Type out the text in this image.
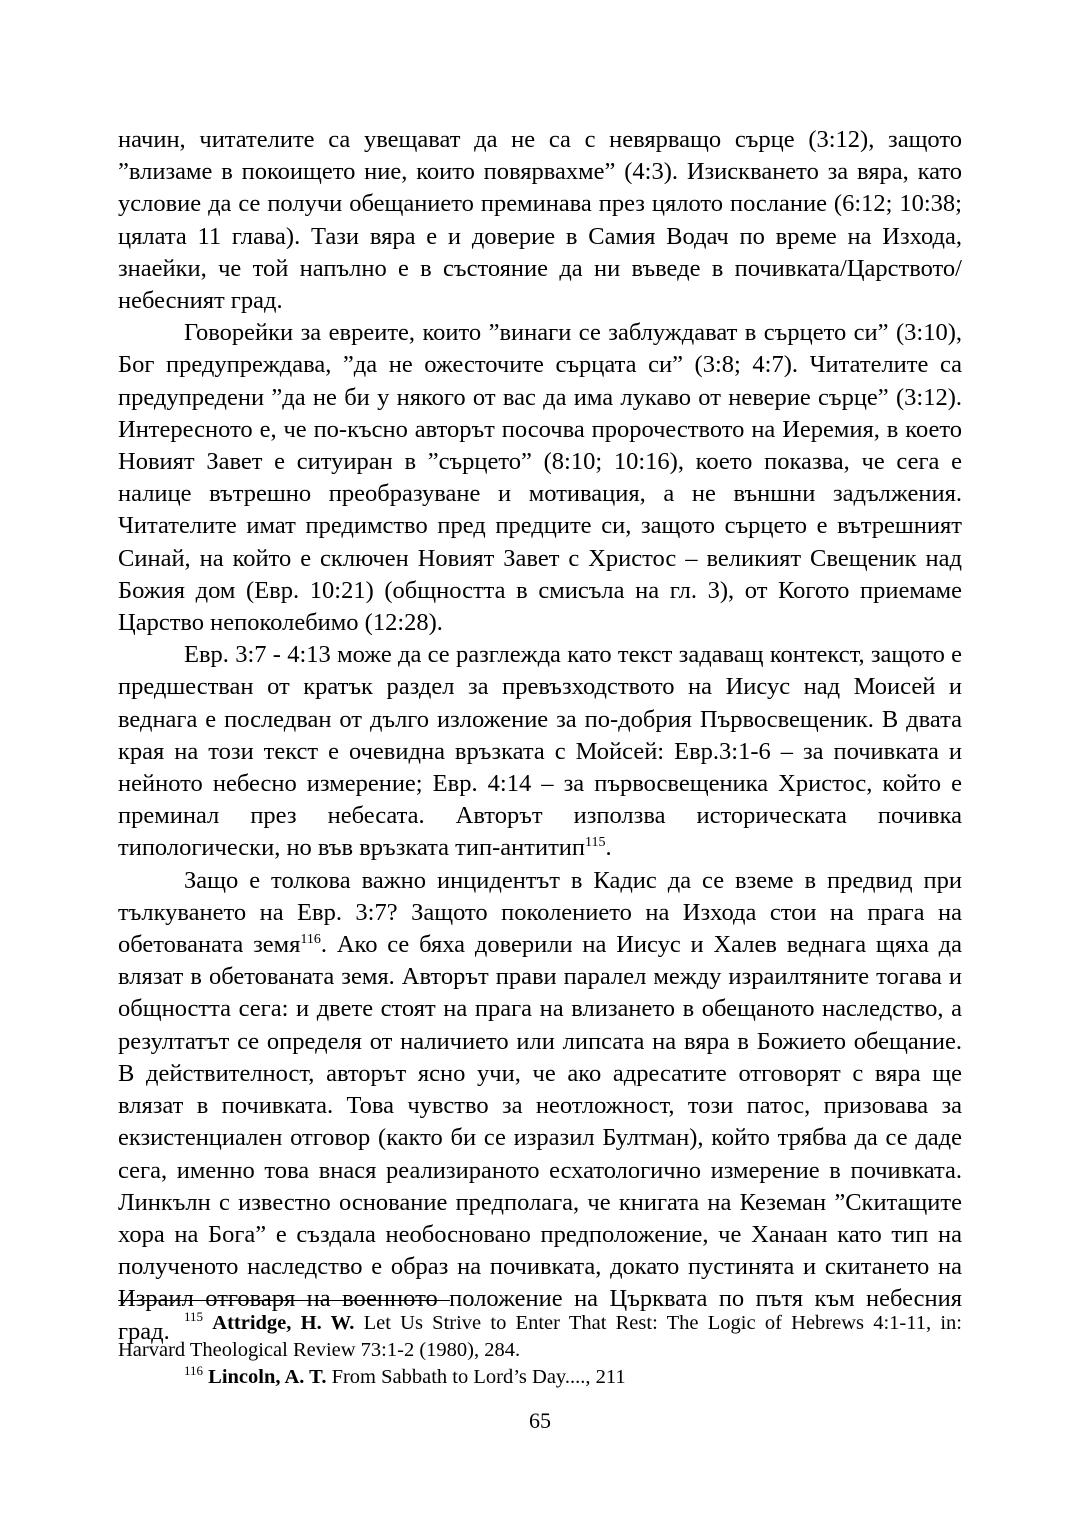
начин, читателите са увещават да не са с невярващо сърце (3:12), защото ”влизаме в покоището ние, които повярвахме” (4:3). Изискването за вяра, като условие да се получи обещанието преминава през цялото послание (6:12; 10:38; цялата 11 глава). Тази вяра е и доверие в Самия Водач по време на Изхода, знаейки, че той напълно е в състояние да ни въведе в почивката/Царството/небесният град.

Говорейки за евреите, които ”винаги се заблуждават в сърцето си” (3:10), Бог предупреждава, ”да не ожесточите сърцата си” (3:8; 4:7). Читателите са предупредени ”да не би у някого от вас да има лукаво от неверие сърце” (3:12). Интересното е, че по-късно авторът посочва пророчеството на Иеремия, в което Новият Завет е ситуиран в ”сърцето” (8:10; 10:16), което показва, че сега е налице вътрешно преобразуване и мотивация, а не външни задължения. Читателите имат предимство пред предците си, защото сърцето е вътрешният Синай, на който е сключен Новият Завет с Христос – великият Свещеник над Божия дом (Евр. 10:21) (общността в смисъла на гл. 3), от Когото приемаме Царство непоколебимо (12:28).

Евр. 3:7 - 4:13 може да се разглежда като текст задаващ контекст, защото е предшестван от кратък раздел за превъзходството на Иисус над Моисей и веднага е последван от дълго изложение за по-добрия Първосвещеник. В двата края на този текст е очевидна връзката с Мойсей: Евр.3:1-6 – за почивката и нейното небесно измерение; Евр. 4:14 – за първосвещеника Христос, който е преминал през небесата. Авторът използва историческата почивка типологически, но във връзката тип-антитип$^{115}$.

Защо е толкова важно инцидентът в Кадис да се вземе в предвид при тълкуването на Евр. 3:7? Защото поколението на Изхода стои на прага на обетованата земя$^{116}$. Ако се бяха доверили на Иисус и Халев веднага щяха да влязат в обетованата земя. Авторът прави паралел между израилтяните тогава и общността сега: и двете стоят на прага на влизането в обещаното наследство, а резултатът се определя от наличието или липсата на вяра в Божието обещание. В действителност, авторът ясно учи, че ако адресатите отговорят с вяра ще влязат в почивката. Това чувство за неотложност, този патос, призовава за екзистенциален отговор (както би се изразил Бултман), който трябва да се даде сега, именно това внася реализираното есхатологично измерение в почивката. Линкълн с известно основание предполага, че книгата на Кеземан ”Скитащите хора на Бога” е създала необосновано предположение, че Ханаан като тип на полученото наследство е образ на почивката, докато пустинята и скитането на Израил отговаря на военното положение на Църквата по пътя към небесния град.

$^{115}$ Attridge, H. W. Let Us Strive to Enter That Rest: The Logic of Hebrews 4:1-11, in: Harvard Theological Review 73:1-2 (1980), 284.

$^{116}$ Lincoln, A. T. From Sabbath to Lord’s Day...., 211

65
